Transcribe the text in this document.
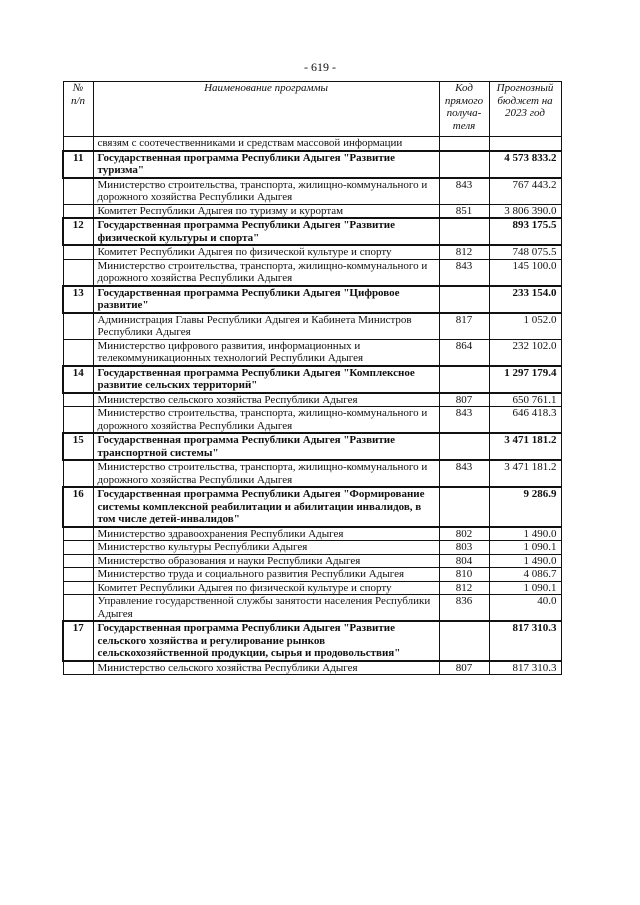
- 619 -
№ п/п	Наименование программы	Код прямого получа-теля	Прогнозный бюджет на 2023 год
	связям с соотечественниками и средствам массовой информации		
11	Государственная программа Республики Адыгея "Развитие туризма"		4 573 833.2
	Министерство строительства, транспорта, жилищно-коммунального и дорожного хозяйства Республики Адыгея	843	767 443.2
	Комитет Республики Адыгея по туризму и курортам	851	3 806 390.0
12	Государственная программа Республики Адыгея "Развитие физической культуры и спорта"		893 175.5
	Комитет Республики Адыгея по физической культуре и спорту	812	748 075.5
	Министерство строительства, транспорта, жилищно-коммунального и дорожного хозяйства Республики Адыгея	843	145 100.0
13	Государственная программа Республики Адыгея "Цифровое развитие"		233 154.0
	Администрация Главы Республики Адыгея и Кабинета Министров Республики Адыгея	817	1 052.0
	Министерство цифрового развития, информационных и телекоммуникационных технологий Республики Адыгея	864	232 102.0
14	Государственная программа Республики Адыгея "Комплексное развитие сельских территорий"		1 297 179.4
	Министерство сельского хозяйства Республики Адыгея	807	650 761.1
	Министерство строительства, транспорта, жилищно-коммунального и дорожного хозяйства Республики Адыгея	843	646 418.3
15	Государственная программа Республики Адыгея "Развитие транспортной системы"		3 471 181.2
	Министерство строительства, транспорта, жилищно-коммунального и дорожного хозяйства Республики Адыгея	843	3 471 181.2
16	Государственная программа Республики Адыгея "Формирование системы комплексной реабилитации и абилитации инвалидов, в том числе детей-инвалидов"		9 286.9
	Министерство здравоохранения Республики Адыгея	802	1 490.0
	Министерство культуры Республики Адыгея	803	1 090.1
	Министерство образования и науки Республики Адыгея	804	1 490.0
	Министерство труда и социального развития Республики Адыгея	810	4 086.7
	Комитет Республики Адыгея по физической культуре и спорту	812	1 090.1
	Управление государственной службы занятости населения Республики Адыгея	836	40.0
17	Государственная программа Республики Адыгея "Развитие сельского хозяйства и регулирование рынков сельскохозяйственной продукции, сырья и продовольствия"		817 310.3
	Министерство сельского хозяйства Республики Адыгея	807	817 310.3
